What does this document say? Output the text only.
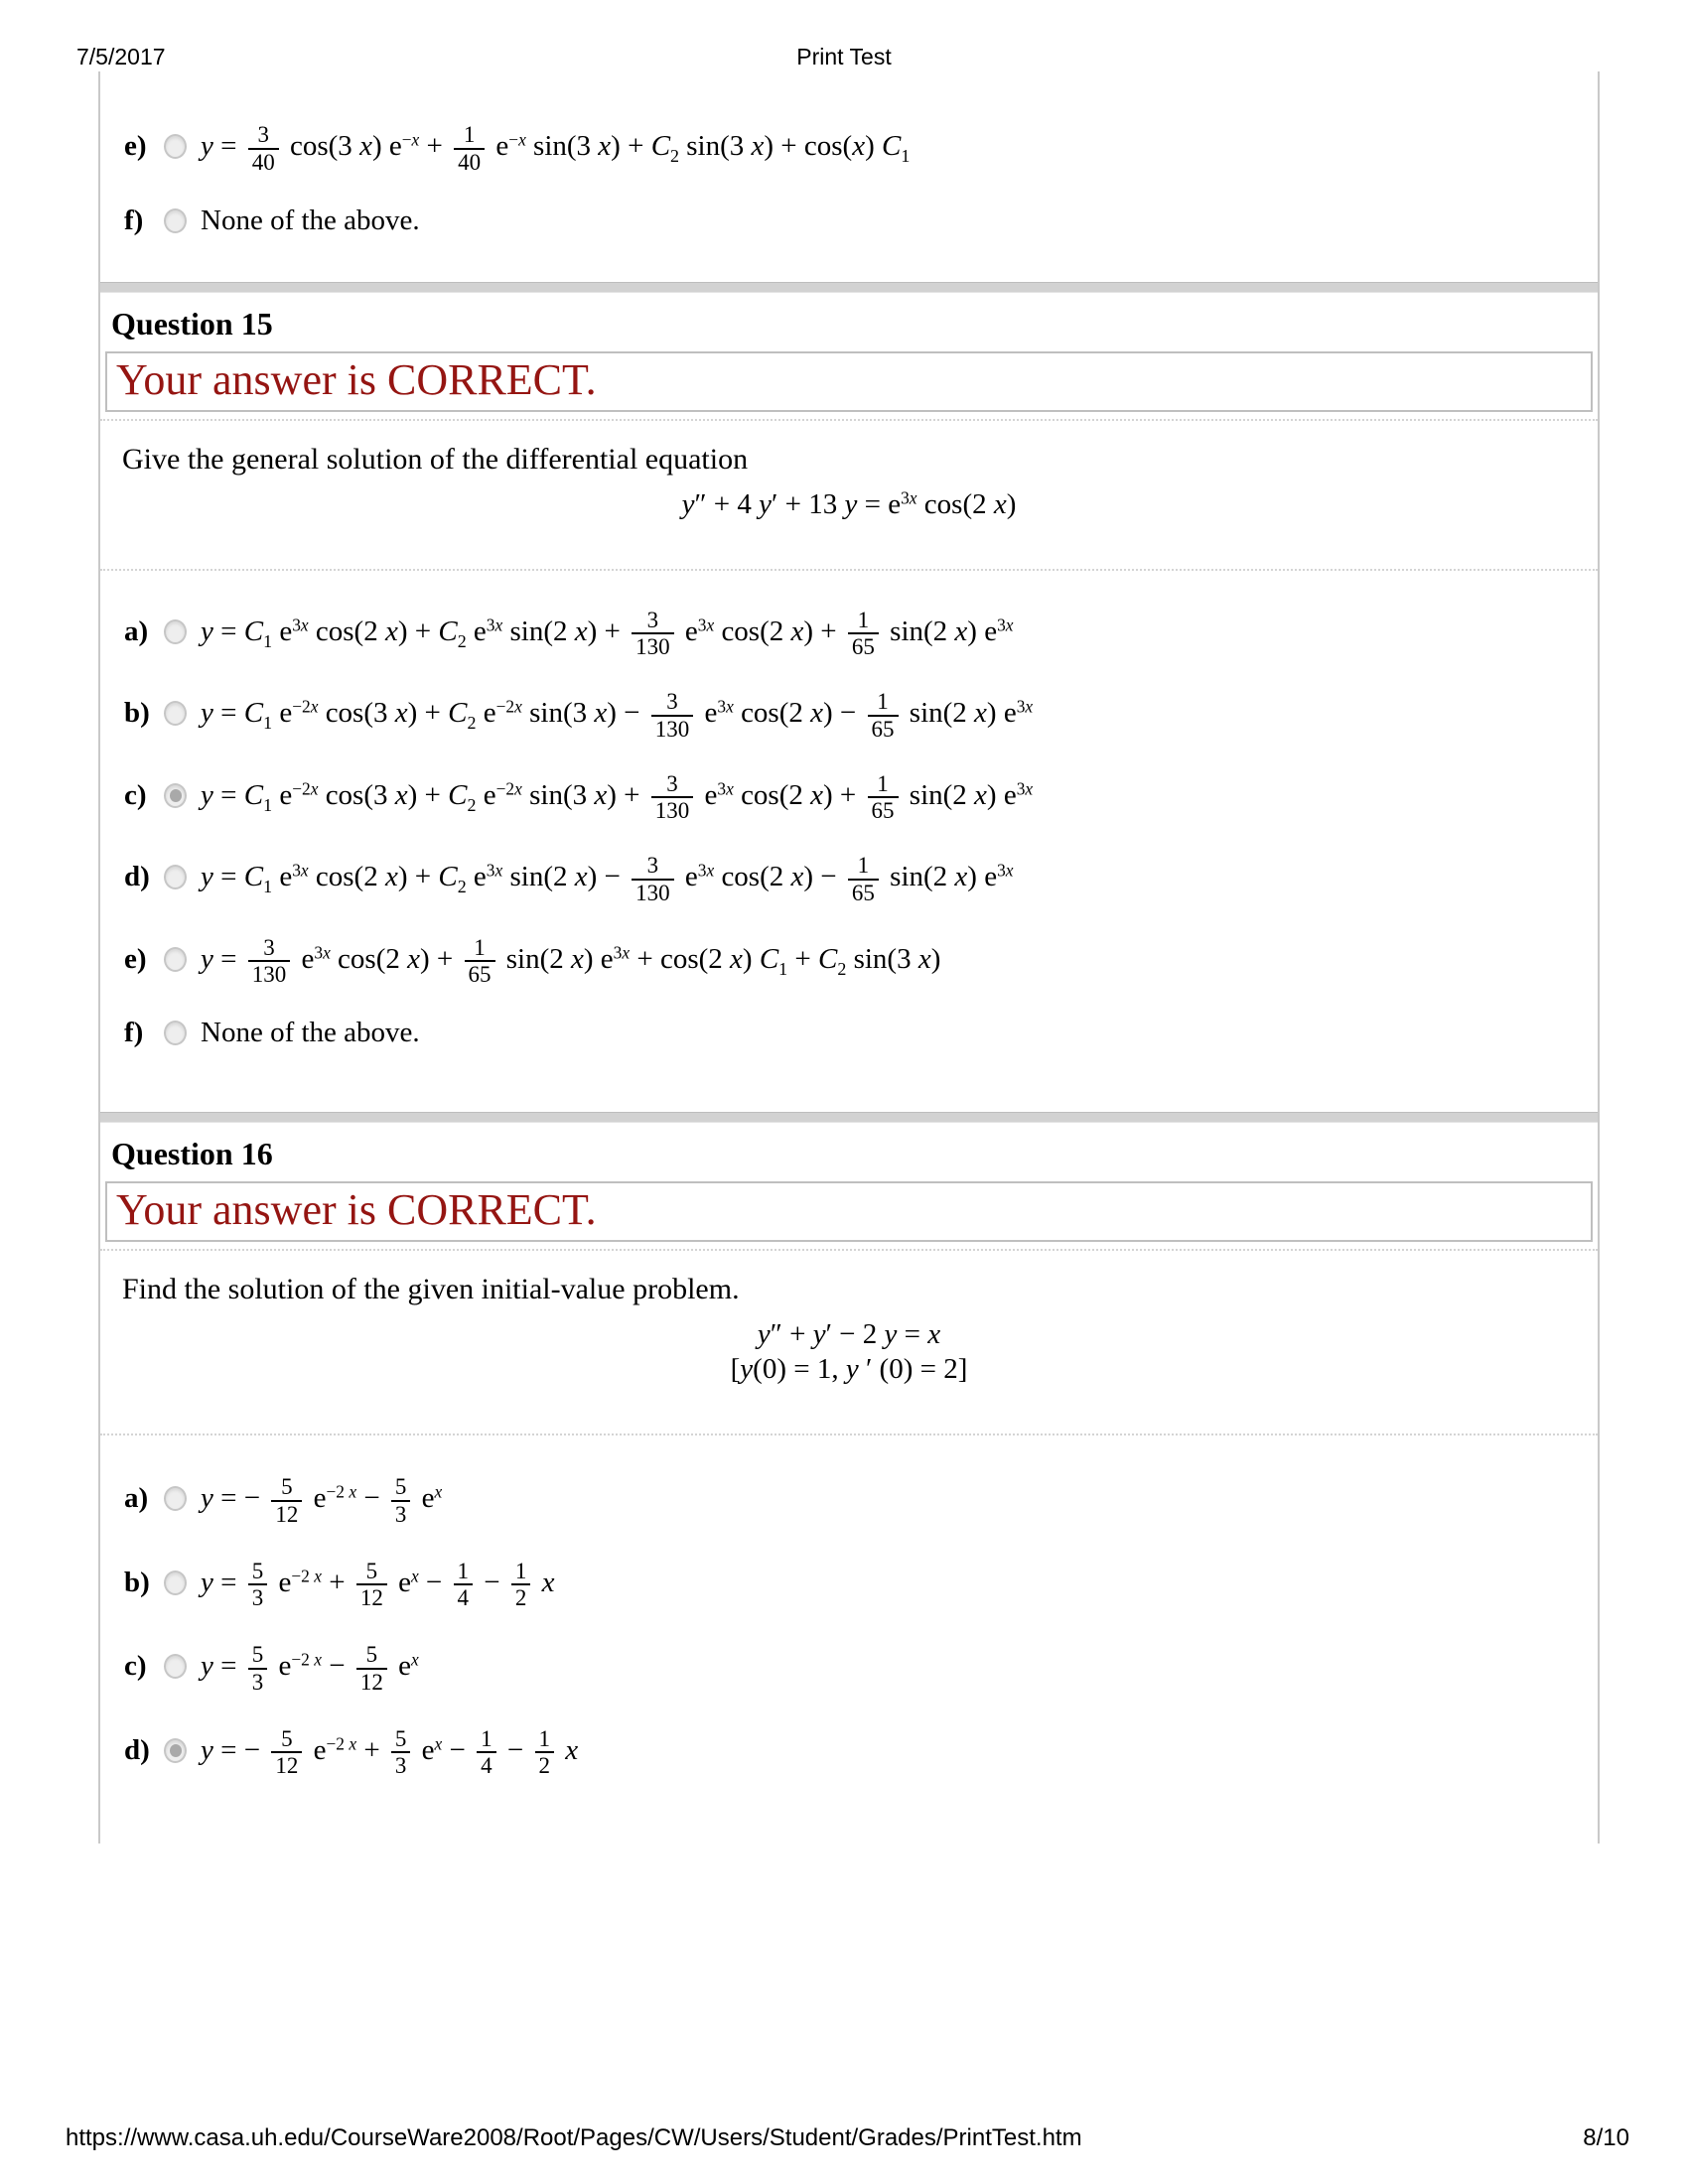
7/5/2017	Print Test
e) $y = \frac{3}{40} \cos(3$ x) $e^{-x} + \frac{1}{40} e^{-x}$ sin(3 $x) + C_2$ sin(3 x) + cos(x) $C_1$
f) None of the above.
Question 15
Your answer is CORRECT.
Give the general solution of the differential equation
y″ + 4 y′ + 13 $y = e^{3x}$ cos(2 x)
a) $y = C_1$ $e^{3x}$ cos(2 $x) + C_2$ $e^{3x}$ sin(2 $x) + \frac{3}{130} e^{3x}$ cos(2 $x) + \frac{1}{65} \sin(2$ x) $e^{3x}$
b) $y = C_1$ $e^{-2x}$ cos(3 $x) + C_2$ $e^{-2x}$ sin(3 $x) - \frac{3}{130} e^{3x}$ cos(2 $x) - \frac{1}{65} \sin(2$ x) $e^{3x}$
c) $y = C_1$ $e^{-2x}$ cos(3 $x) + C_2$ $e^{-2x}$ sin(3 $x) + \frac{3}{130} e^{3x}$ cos(2 $x) + \frac{1}{65} \sin(2$ x) $e^{3x}$
d) $y = C_1$ $e^{3x}$ cos(2 $x) + C_2$ $e^{3x}$ sin(2 $x) - \frac{3}{130} e^{3x}$ cos(2 $x) - \frac{1}{65} \sin(2$ x) $e^{3x}$
e) $y = \frac{3}{130} e^{3x}$ cos(2 $x) + \frac{1}{65} \sin(2$ x) $e^{3x} + \cos(2$ x) $C_1 + C_2$ sin(3 x)
f) None of the above.
Question 16
Your answer is CORRECT.
Find the solution of the given initial-value problem.
y″ + y′ − 2 y = x
[y(0) = 1, y ′ (0) = 2]
a) y = − $\frac{5}{12} e^{-2 x} - \frac{5}{3} e^x$
b) $y = \frac{5}{3} e^{-2 x} + \frac{5}{12} e^x - \frac{1}{4} - \frac{1}{2}$ x
c) $y = \frac{5}{3} e^{-2 x} - \frac{5}{12} e^x$
d) y = − $\frac{5}{12} e^{-2 x} + \frac{5}{3} e^x - \frac{1}{4} - \frac{1}{2}$ x
8/10
https://www.casa.uh.edu/CourseWare2008/Root/Pages/CW/Users/Student/Grades/PrintTest.htm
